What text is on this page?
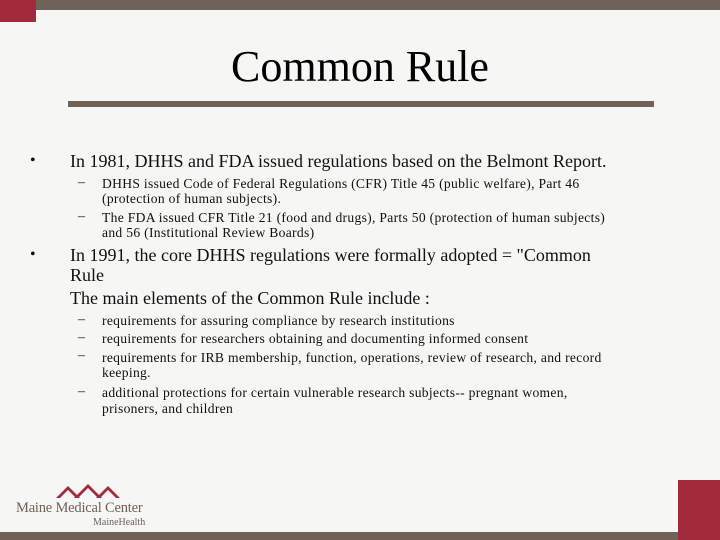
Common Rule
• In 1981, DHHS and FDA issued regulations based on the Belmont Report.
– DHHS issued Code of Federal Regulations (CFR) Title 45 (public welfare), Part 46
(protection of human subjects).
– The FDA issued CFR Title 21 (food and drugs), Parts 50 (protection of human subjects)
and 56 (Institutional Review Boards)
• In 1991, the core DHHS regulations were formally adopted = "Common
Rule
The main elements of the Common Rule include :
– requirements for assuring compliance by research institutions
– requirements for researchers obtaining and documenting informed consent
– requirements for IRB membership, function, operations, review of research, and record
keeping.
– additional protections for certain vulnerable research subjects-- pregnant women,
prisoners, and children
Maine Medical Center
MaineHealth
